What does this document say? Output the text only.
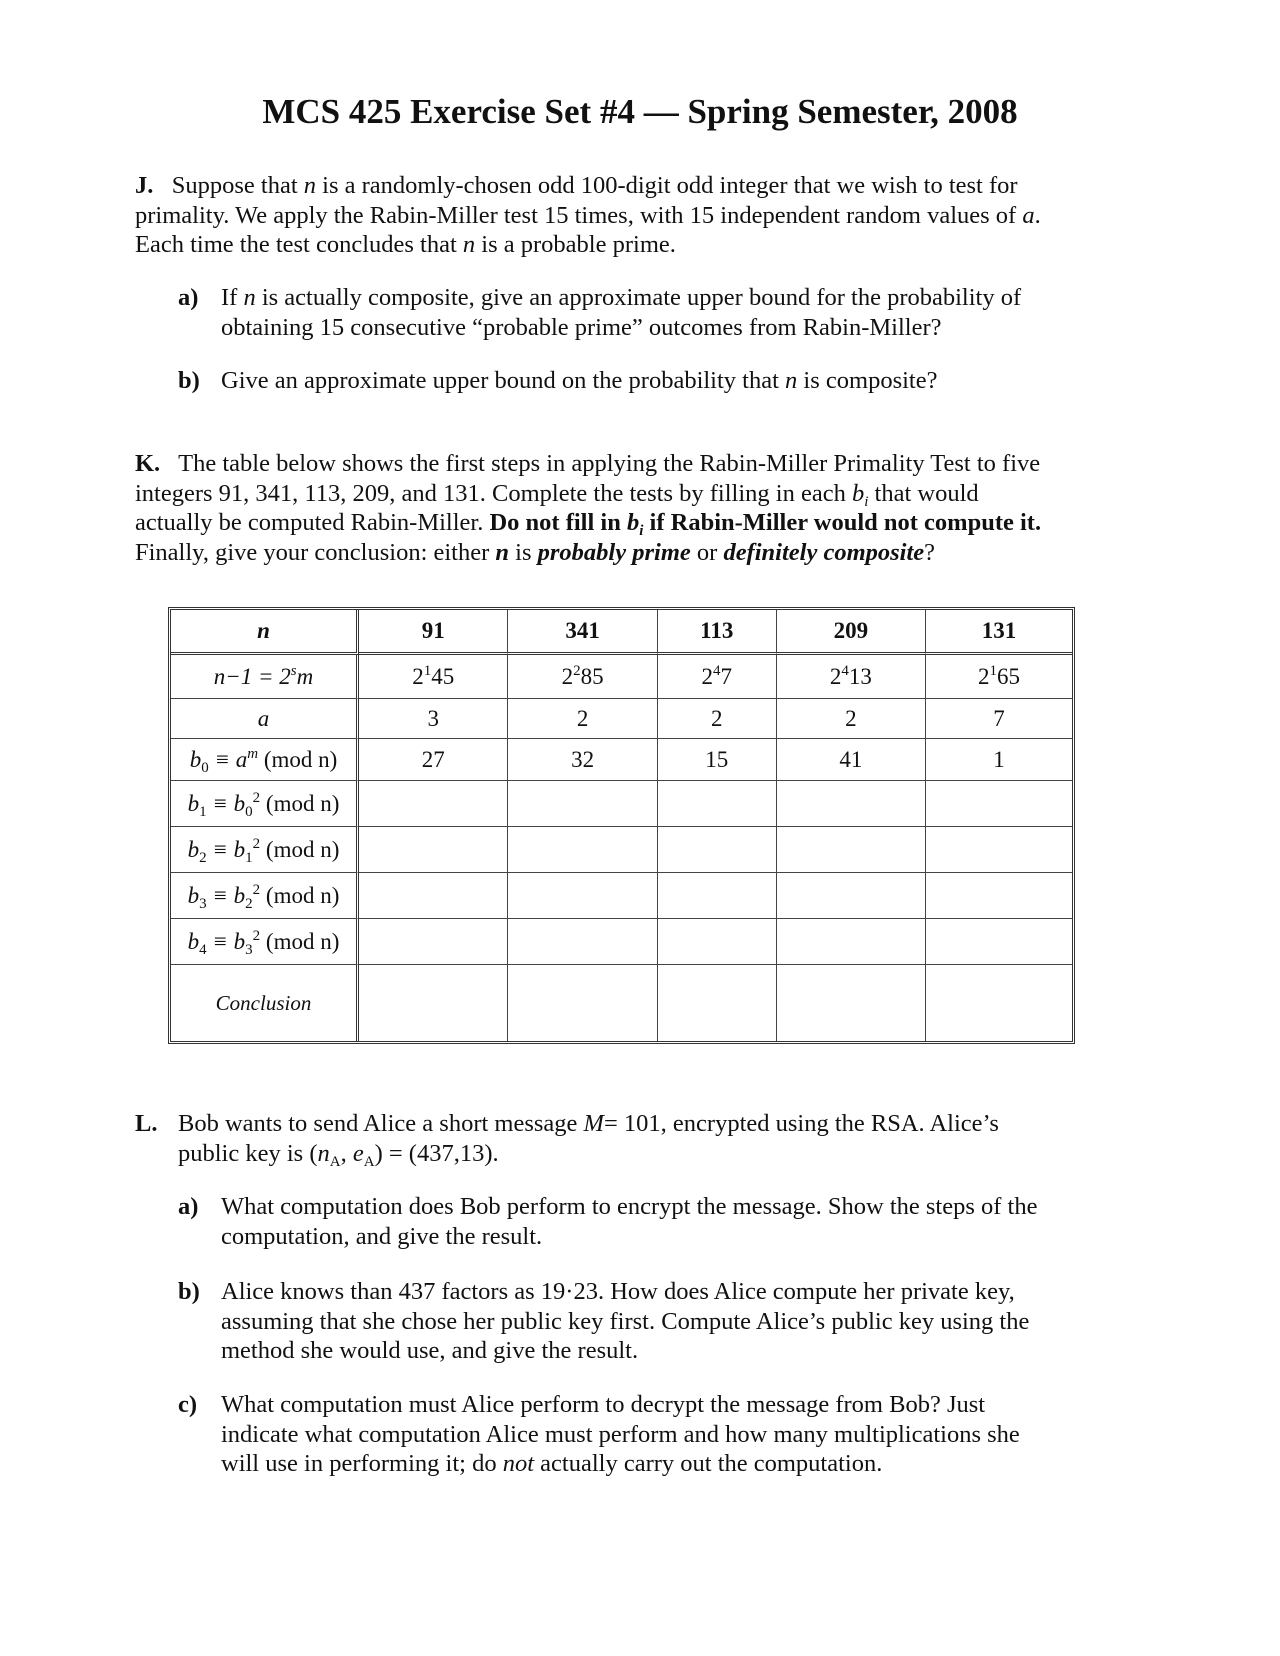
MCS 425 Exercise Set #4 — Spring Semester, 2008
J. Suppose that n is a randomly-chosen odd 100-digit odd integer that we wish to test for
primality. We apply the Rabin-Miller test 15 times, with 15 independent random values of a.
Each time the test concludes that n is a probable prime.
a) If n is actually composite, give an approximate upper bound for the probability of
obtaining 15 consecutive “probable prime” outcomes from Rabin-Miller?
b) Give an approximate upper bound on the probability that n is composite?
K. The table below shows the first steps in applying the Rabin-Miller Primality Test to five
integers 91, 341, 113, 209, and 131. Complete the tests by filling in each $b_i$ that would
actually be computed Rabin-Miller. Do not fill in $b_i$ if Rabin-Miller would not compute it.
Finally, give your conclusion: either n is probably prime or definitely composite?
n	91	341	113	209	131
$n-1 = 2^sm$	$2^145$	$2^285$	$2^47$	$2^413$	$2^165$
a	3	2	2	2	7
$b_0 \equiv a^m$ (mod n)	27	32	15	41	1
$b_1 \equiv b_0^2$ (mod n)					
$b_2 \equiv b_1^2$ (mod n)					
$b_3 \equiv b_2^2$ (mod n)					
$b_4 \equiv b_3^2$ (mod n)					
Conclusion					
L. Bob wants to send Alice a short message M= 101, encrypted using the RSA. Alice’s
public key is ($n_A$, $e_A) = (437,13)$.
a) What computation does Bob perform to encrypt the message. Show the steps of the
computation, and give the result.
b) Alice knows than 437 factors as 19·23. How does Alice compute her private key,
assuming that she chose her public key first. Compute Alice’s public key using the
method she would use, and give the result.
c) What computation must Alice perform to decrypt the message from Bob? Just
indicate what computation Alice must perform and how many multiplications she
will use in performing it; do not actually carry out the computation.
